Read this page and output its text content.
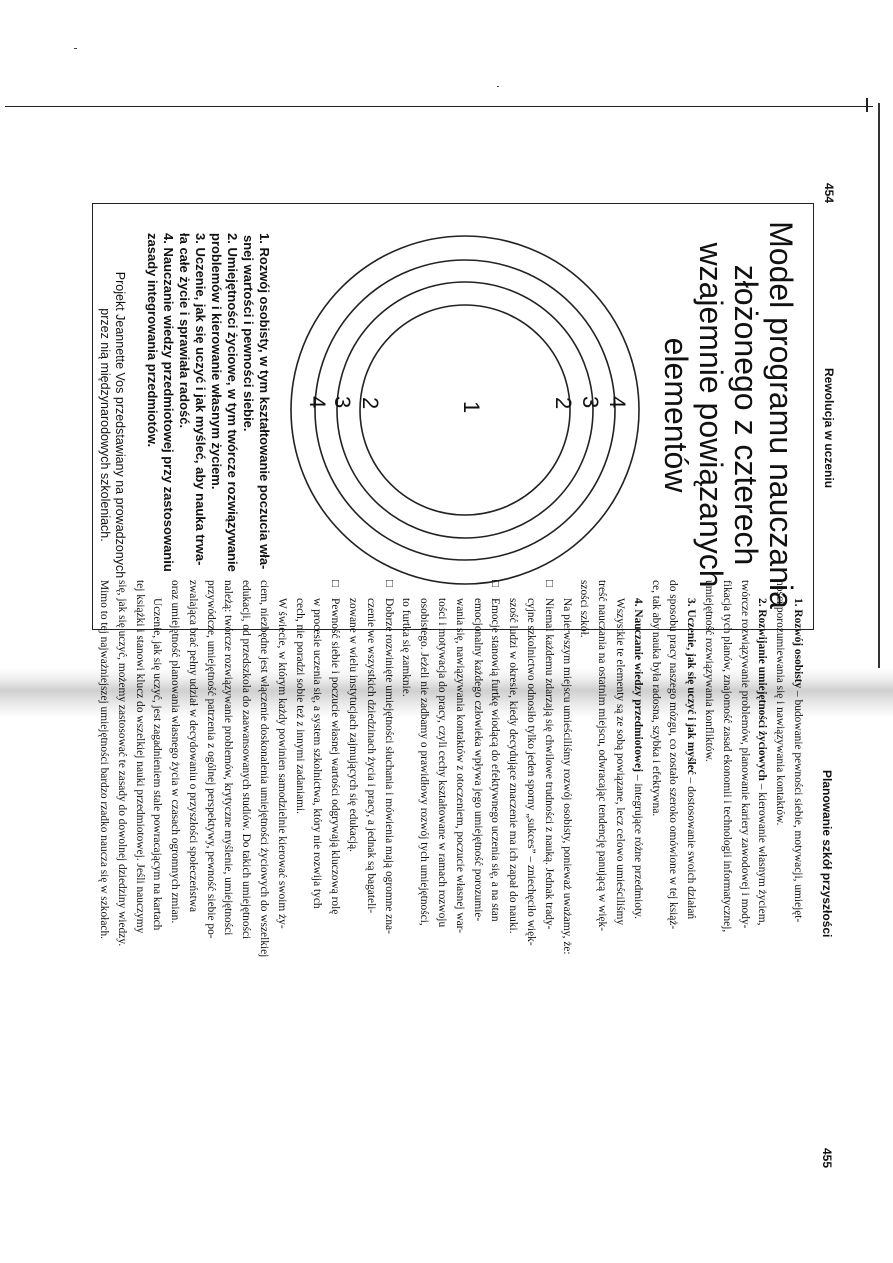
454
Rewolucja w uczeniu
Model programu nauczania
złożonego z czterech
wzajemnie powiązanych
elementów
1
2
3
4	2 3 4
1. Rozwój osobisty, w tym kształtowanie poczucia wła-
snej wartości i pewności siebie.
2. Umiejętności życiowe, w tym twórcze rozwiązywanie
problemów i kierowanie własnym życiem.
3. Uczenie, jak się uczyć i jak myśleć, aby nauka trwa-
ła całe życie i sprawiała radość.
4. Nauczanie wiedzy przedmiotowej przy zastosowaniu
zasady integrowania przedmiotów.
Projekt Jeannette Vos przedstawiany na prowadzonych
przez nią międzynarodowych szkoleniach.
Planowanie szkół przyszłości
455

1. Rozwój osobisty – budowanie pewności siebie, motywacji, umiejęt-

ności porozumiewania się i nawiązywania kontaktów.

2. Rozwijanie umiejętności życiowych – kierowanie własnym życiem,

twórcze rozwiązywanie problemów, planowanie kariery zawodowej i mody-

fikacja tych planów, znajomość zasad ekonomii i technologii informatycznej,

umiejętność rozwiązywania konfliktów.

3. Uczenie, jak się uczyć i jak myśleć – dostosowanie swoich działań

do sposobu pracy naszego mózgu, co zostało szeroko omówione w tej książ-

ce, tak aby nauka była radosna, szybka i efektywna.

4. Nauczanie wiedzy przedmiotowej – integrujące różne przedmioty.

Wszystkie te elementy są ze sobą powiązane, lecz celowo umieściliśmy

treść nauczania na ostatnim miejscu, odwracając tendencję panującą w więk-

szości szkół.

Na pierwszym miejscu umieściliśmy rozwój osobisty, ponieważ uważamy, że:

□ Niemal każdemu zdarzają się chwilowe trudności z nauką. Jednak trady-

cyjne szkolnictwo odnosiło tylko jeden sporny „sukces” – zniechęciło więk-

szość ludzi w okresie, kiedy decydujące znaczenie ma ich zapał do nauki.

□ Emocje stanowią furtkę wiodącą do efektywnego uczenia się, a na stan

emocjonalny każdego człowieka wpływa jego umiejętność porozumie-

wania się, nawiązywania kontaktów z otoczeniem, poczucie własnej war-

tości i motywacja do pracy, czyli cechy kształtowane w ramach rozwoju

osobistego. Jeżeli nie zadbamy o prawidłowy rozwój tych umiejętności,

to furtka się zamknie.

□ Dobrze rozwinięte umiejętności słuchania i mówienia mają ogromne zna-

czenie we wszystkich dziedzinach życia i pracy, a jednak są bagateli-

zowane w wielu instytucjach zajmujących się edukacją.

□ Pewność siebie i poczucie własnej wartości odgrywają kluczową rolę

w procesie uczenia się, a system szkolnictwa, który nie rozwija tych

cech, nie poradzi sobie też z innymi zadaniami.

W świecie, w którym każdy powinien samodzielnie kierować swoim ży-

ciem, niezbędne jest włączenie doskonalenia umiejętności życiowych do wszelkiej

edukacji, od przedszkola do zaawansowanych studiów. Do takich umiejętności

należą: twórcze rozwiązywanie problemów, krytyczne myślenie, umiejętności

przywódcze, umiejętność patrzenia z ogólnej perspektywy, pewność siebie po-

zwalająca brać pełny udział w decydowaniu o przyszłości społeczeństwa

oraz umiejętność planowania własnego życia w czasach ogromnych zmian.

Uczenie, jak się uczyć, jest zagadnieniem stale powracającym na kartach

tej książki i stanowi klucz do wszelkiej nauki przedmiotowej. Jeśli nauczymy

się, jak się uczyć, możemy zastosować te zasady do dowolnej dziedziny wiedzy.

Mimo to tej najważniejszej umiejętności bardzo rzadko naucza się w szkołach.
